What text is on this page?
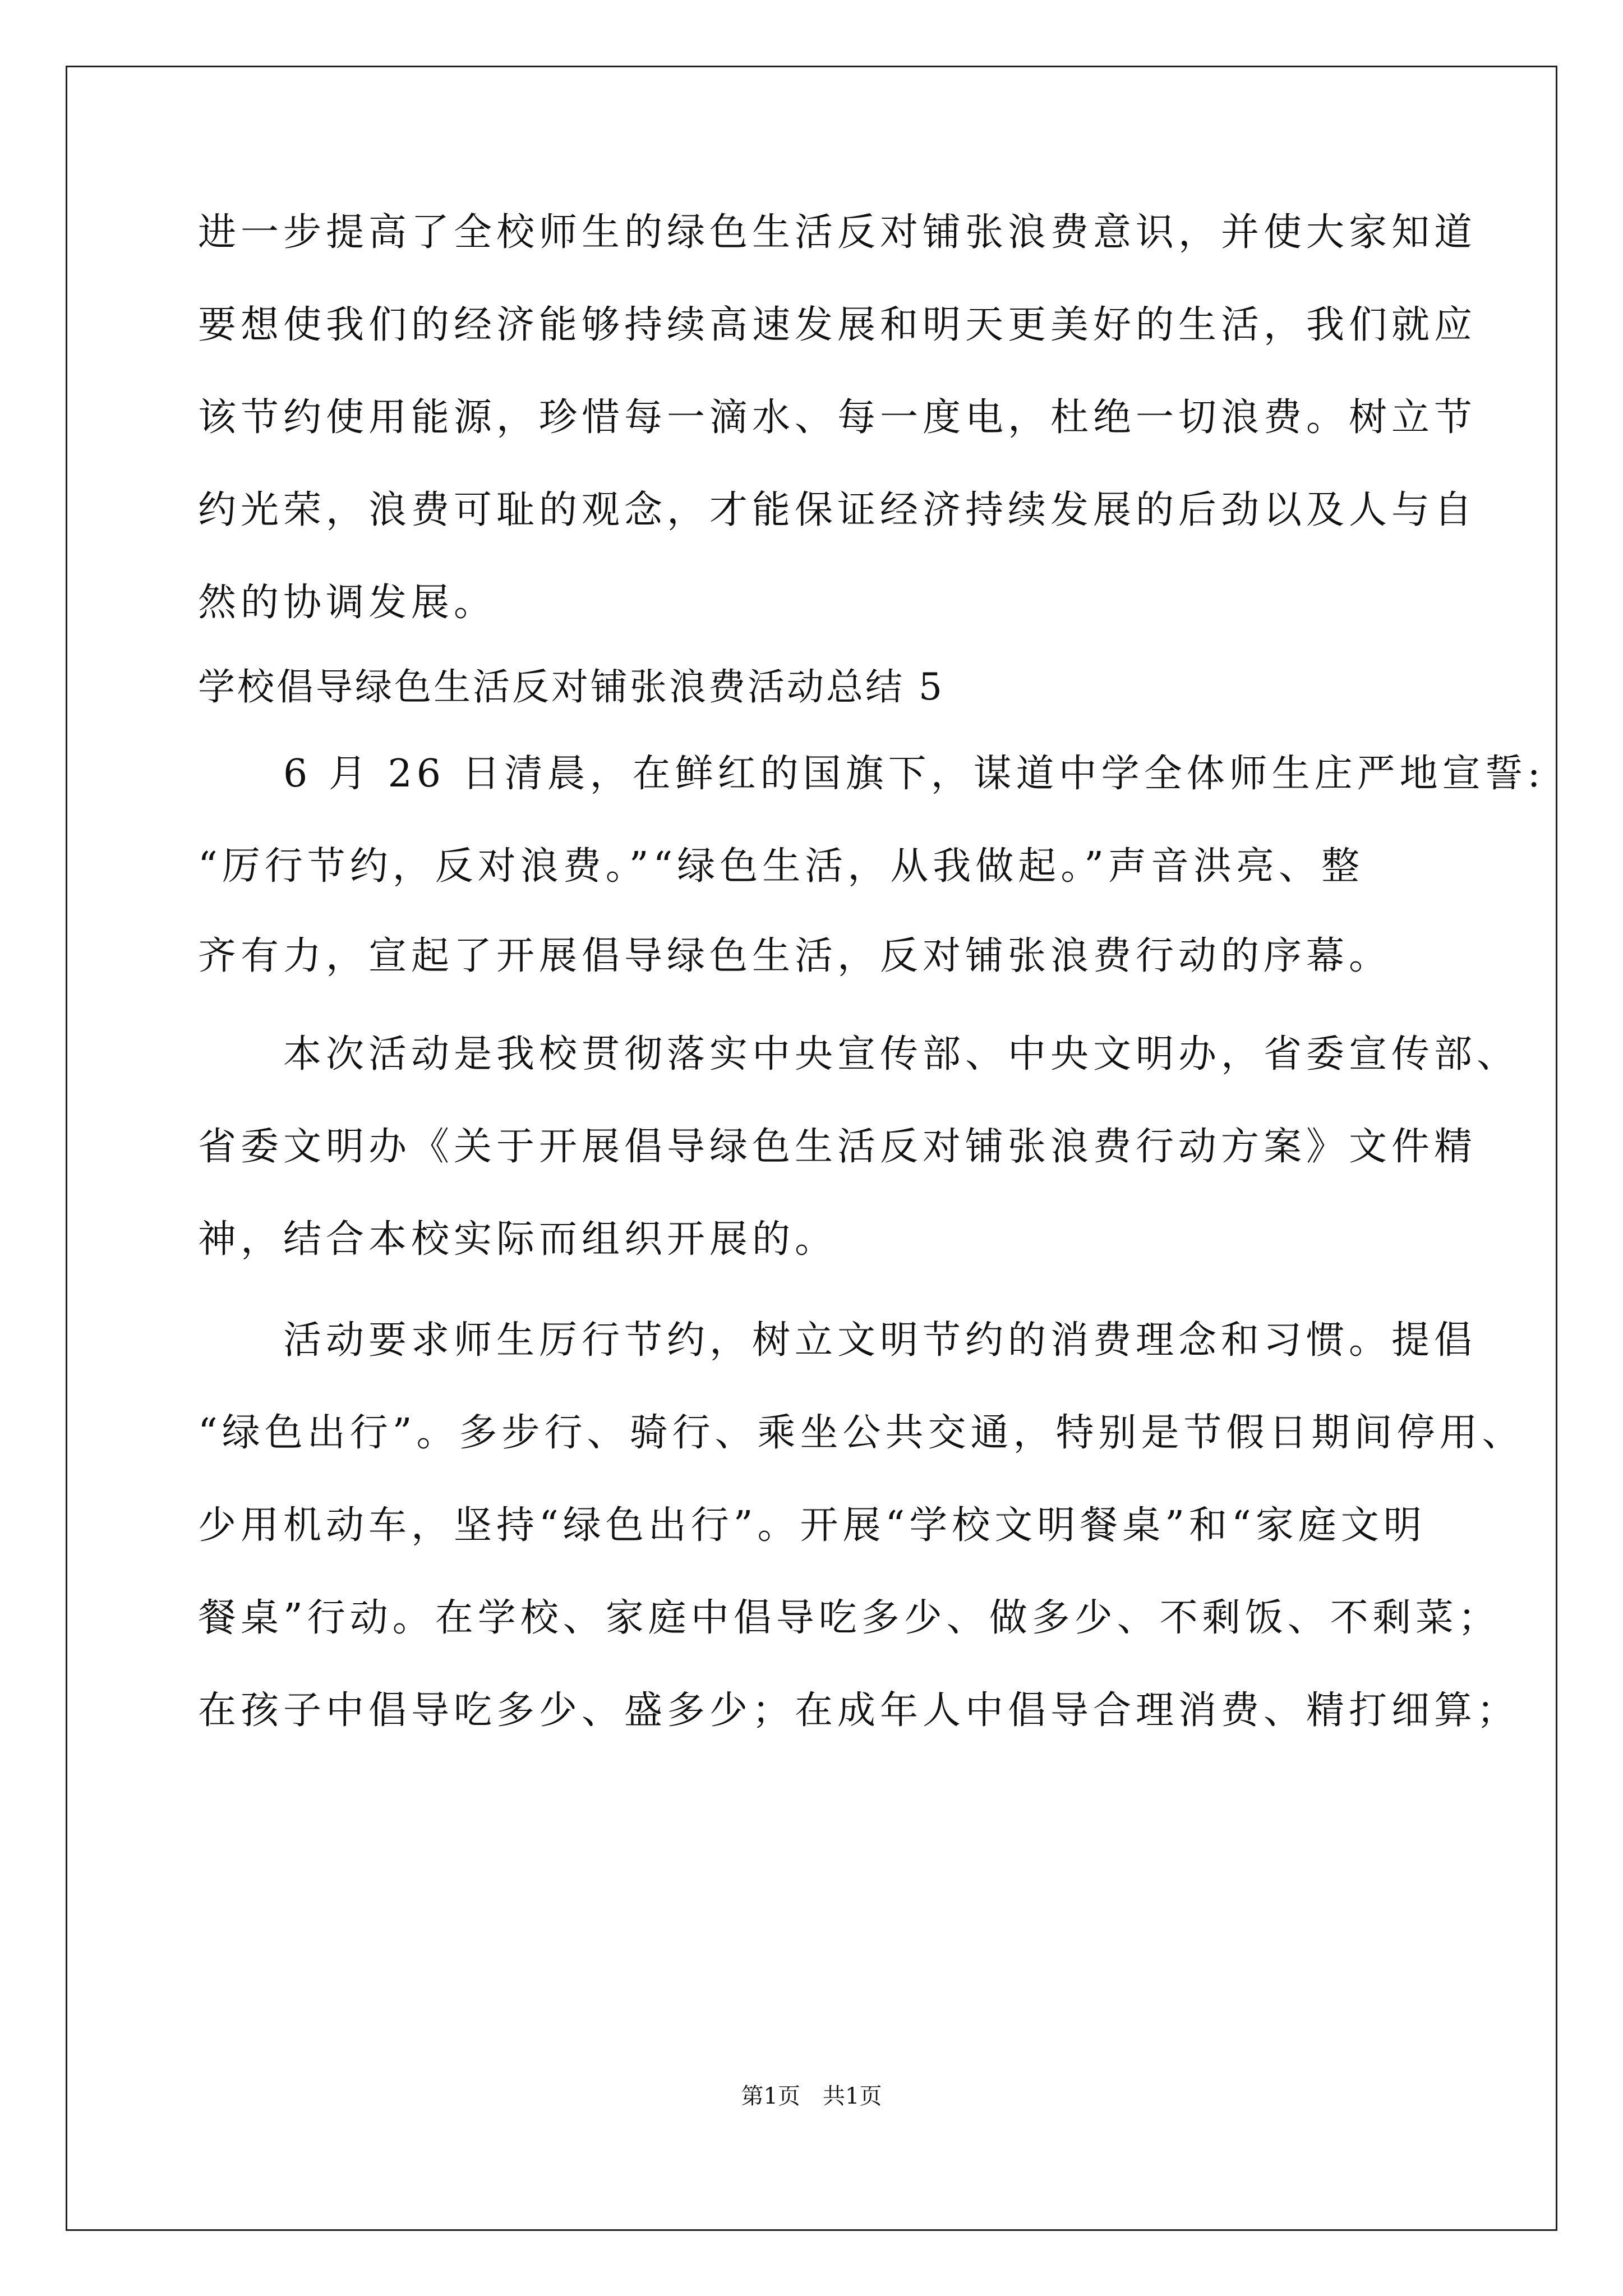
进一步提高了全校师生的绿色生活反对铺张浪费意识，并使大家知道
要想使我们的经济能够持续高速发展和明天更美好的生活，我们就应
该节约使用能源，珍惜每一滴水、每一度电，杜绝一切浪费。树立节
约光荣，浪费可耻的观念，才能保证经济持续发展的后劲以及人与自
然的协调发展。
学校倡导绿色生活反对铺张浪费活动总结 5
　　6 月 26 日清晨，在鲜红的国旗下，谋道中学全体师生庄严地宣誓:
“厉行节约，反对浪费。”“绿色生活，从我做起。”声音洪亮、整
齐有力，宣起了开展倡导绿色生活，反对铺张浪费行动的序幕。
　　本次活动是我校贯彻落实中央宣传部、中央文明办，省委宣传部、
省委文明办《关于开展倡导绿色生活反对铺张浪费行动方案》文件精
神，结合本校实际而组织开展的。
　　活动要求师生厉行节约，树立文明节约的消费理念和习惯。提倡
“绿色出行”。多步行、骑行、乘坐公共交通，特别是节假日期间停用、
少用机动车，坚持“绿色出行”。开展“学校文明餐桌”和“家庭文明
餐桌”行动。在学校、家庭中倡导吃多少、做多少、不剩饭、不剩菜；
在孩子中倡导吃多少、盛多少；在成年人中倡导合理消费、精打细算；
第1页　共1页
